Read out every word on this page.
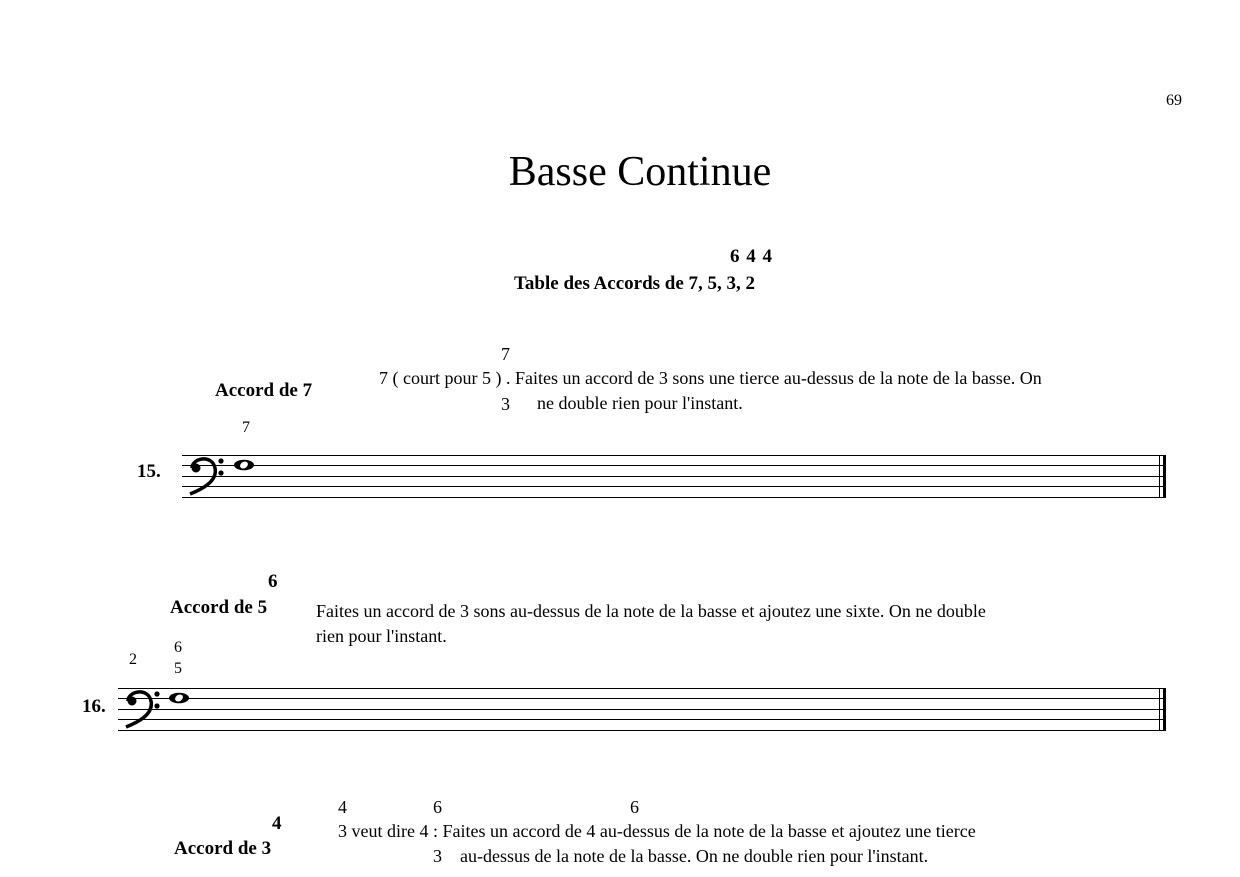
69
Basse Continue
6 4 4
Table des Accords de 7, 5, 3, 2
Accord de 7
7
7 ( court pour 5 ) . Faites un accord de 3 sons une tierce au-dessus de la note de la basse. On
3 ne double rien pour l'instant.
7
15.
6
Accord de 5	Faites un accord de 3 sons au-dessus de la note de la basse et ajoutez une sixte. On ne double
rien pour l'instant.
2
6
5
16.
4	6	6
4
Accord de 3
3 veut dire 4 : Faites un accord de 4 au-dessus de la note de la basse et ajoutez une tierce
3 au-dessus de la note de la basse. On ne double rien pour l'instant.
